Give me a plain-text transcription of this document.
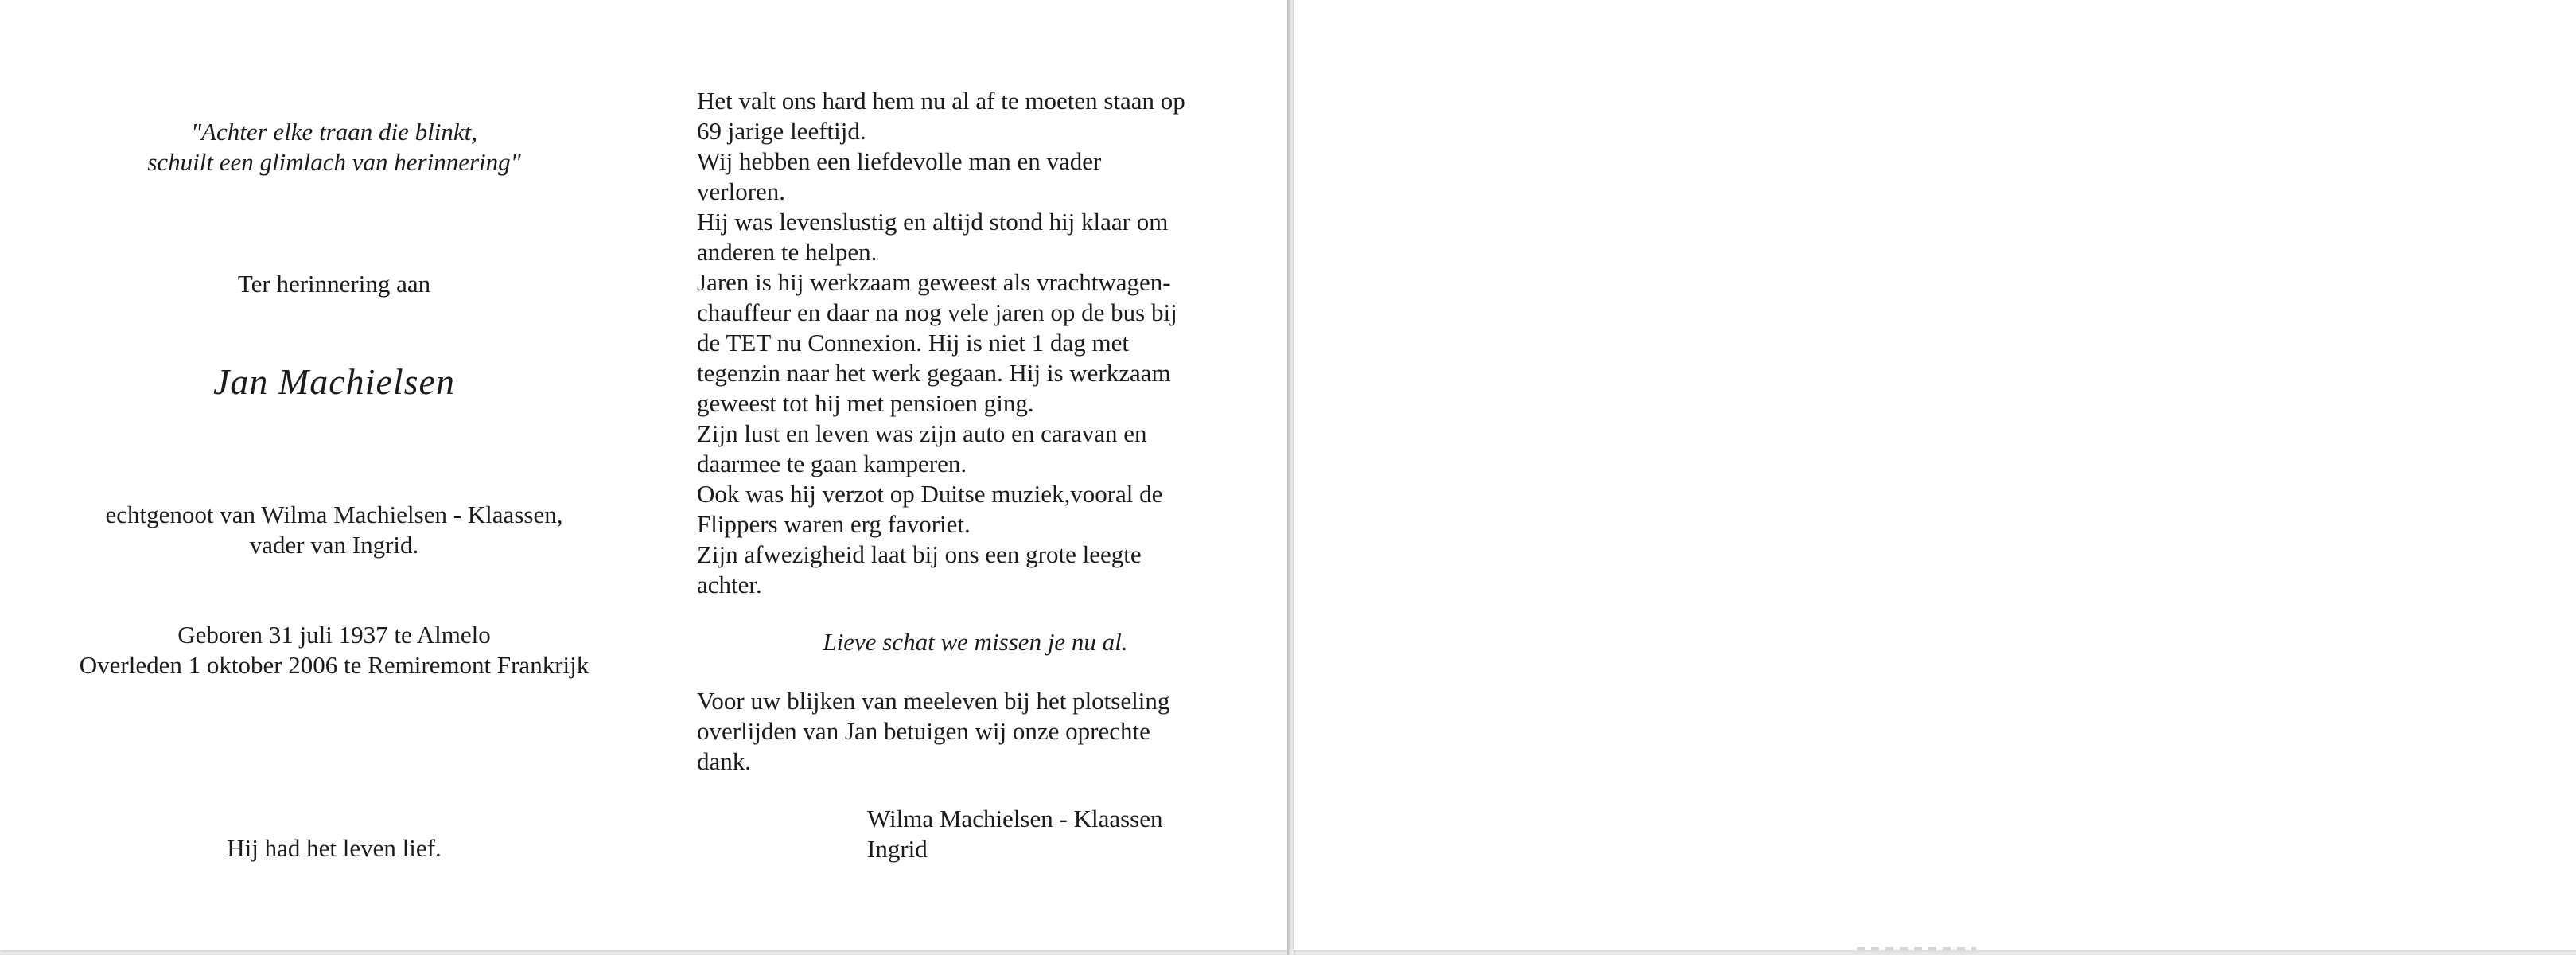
"Achter elke traan die blinkt,
schuilt een glimlach van herinnering"
Ter herinnering aan
Jan Machielsen
echtgenoot van Wilma Machielsen - Klaassen,
vader van Ingrid.
Geboren 31 juli 1937 te Almelo
Overleden 1 oktober 2006 te Remiremont Frankrijk
Hij had het leven lief.
Het valt ons hard hem nu al af te moeten staan op
69 jarige leeftijd.
Wij hebben een liefdevolle man en vader
verloren.
Hij was levenslustig en altijd stond hij klaar om
anderen te helpen.
Jaren is hij werkzaam geweest als vrachtwagen-
chauffeur en daar na nog vele jaren op de bus bij
de TET nu Connexion. Hij is niet 1 dag met
tegenzin naar het werk gegaan. Hij is werkzaam
geweest tot hij met pensioen ging.
Zijn lust en leven was zijn auto en caravan en
daarmee te gaan kamperen.
Ook was hij verzot op Duitse muziek,vooral de
Flippers waren erg favoriet.
Zijn afwezigheid laat bij ons een grote leegte
achter.
Lieve schat we missen je nu al.
Voor uw blijken van meeleven bij het plotseling
overlijden van Jan betuigen wij onze oprechte
dank.
Wilma Machielsen - Klaassen
Ingrid
